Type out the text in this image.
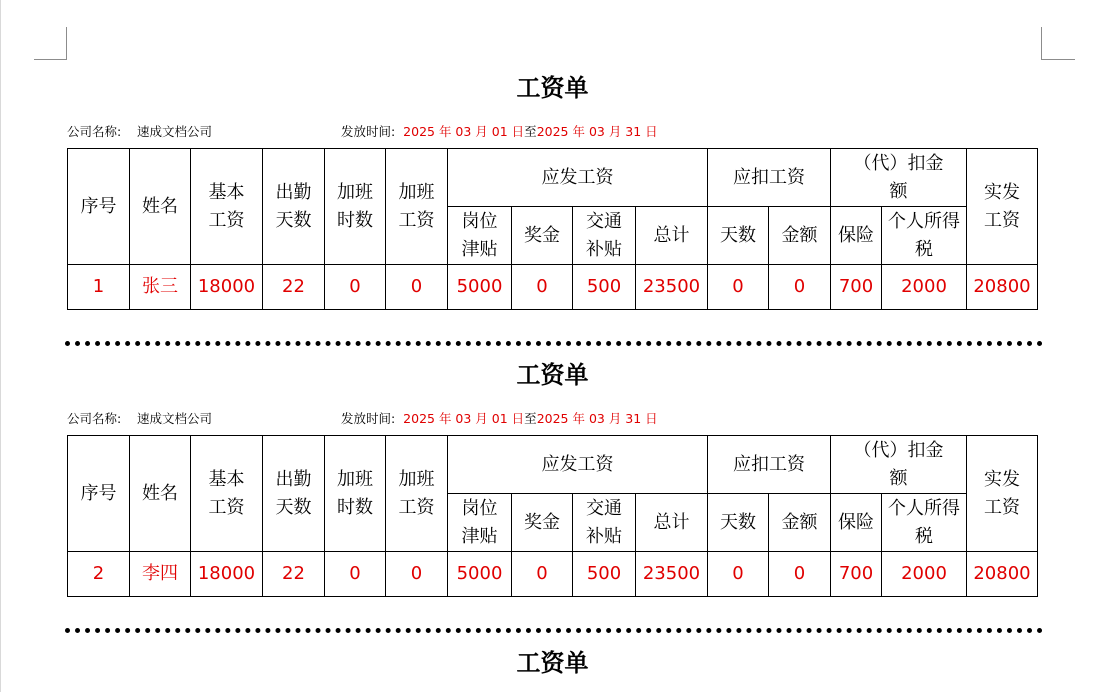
工资单
公司名称: 速成文档公司	发放时间: 2025 年 03 月 01 日至2025 年 03 月 31 日
序号	姓名	基本工资	出勤天数	加班时数	加班工资	应发工资				应扣工资		（代）扣金额		实发工资
						岗位津贴	奖金	交通补贴	总计	天数	金额	保险	个人所得税	
1	张三	18000	22	0	0	5000	0	500	23500	0	0	700	2000	20800
工资单
公司名称: 速成文档公司	发放时间: 2025 年 03 月 01 日至2025 年 03 月 31 日
序号	姓名	基本工资	出勤天数	加班时数	加班工资	应发工资				应扣工资		（代）扣金额		实发工资
						岗位津贴	奖金	交通补贴	总计	天数	金额	保险	个人所得税	
2	李四	18000	22	0	0	5000	0	500	23500	0	0	700	2000	20800
工资单
